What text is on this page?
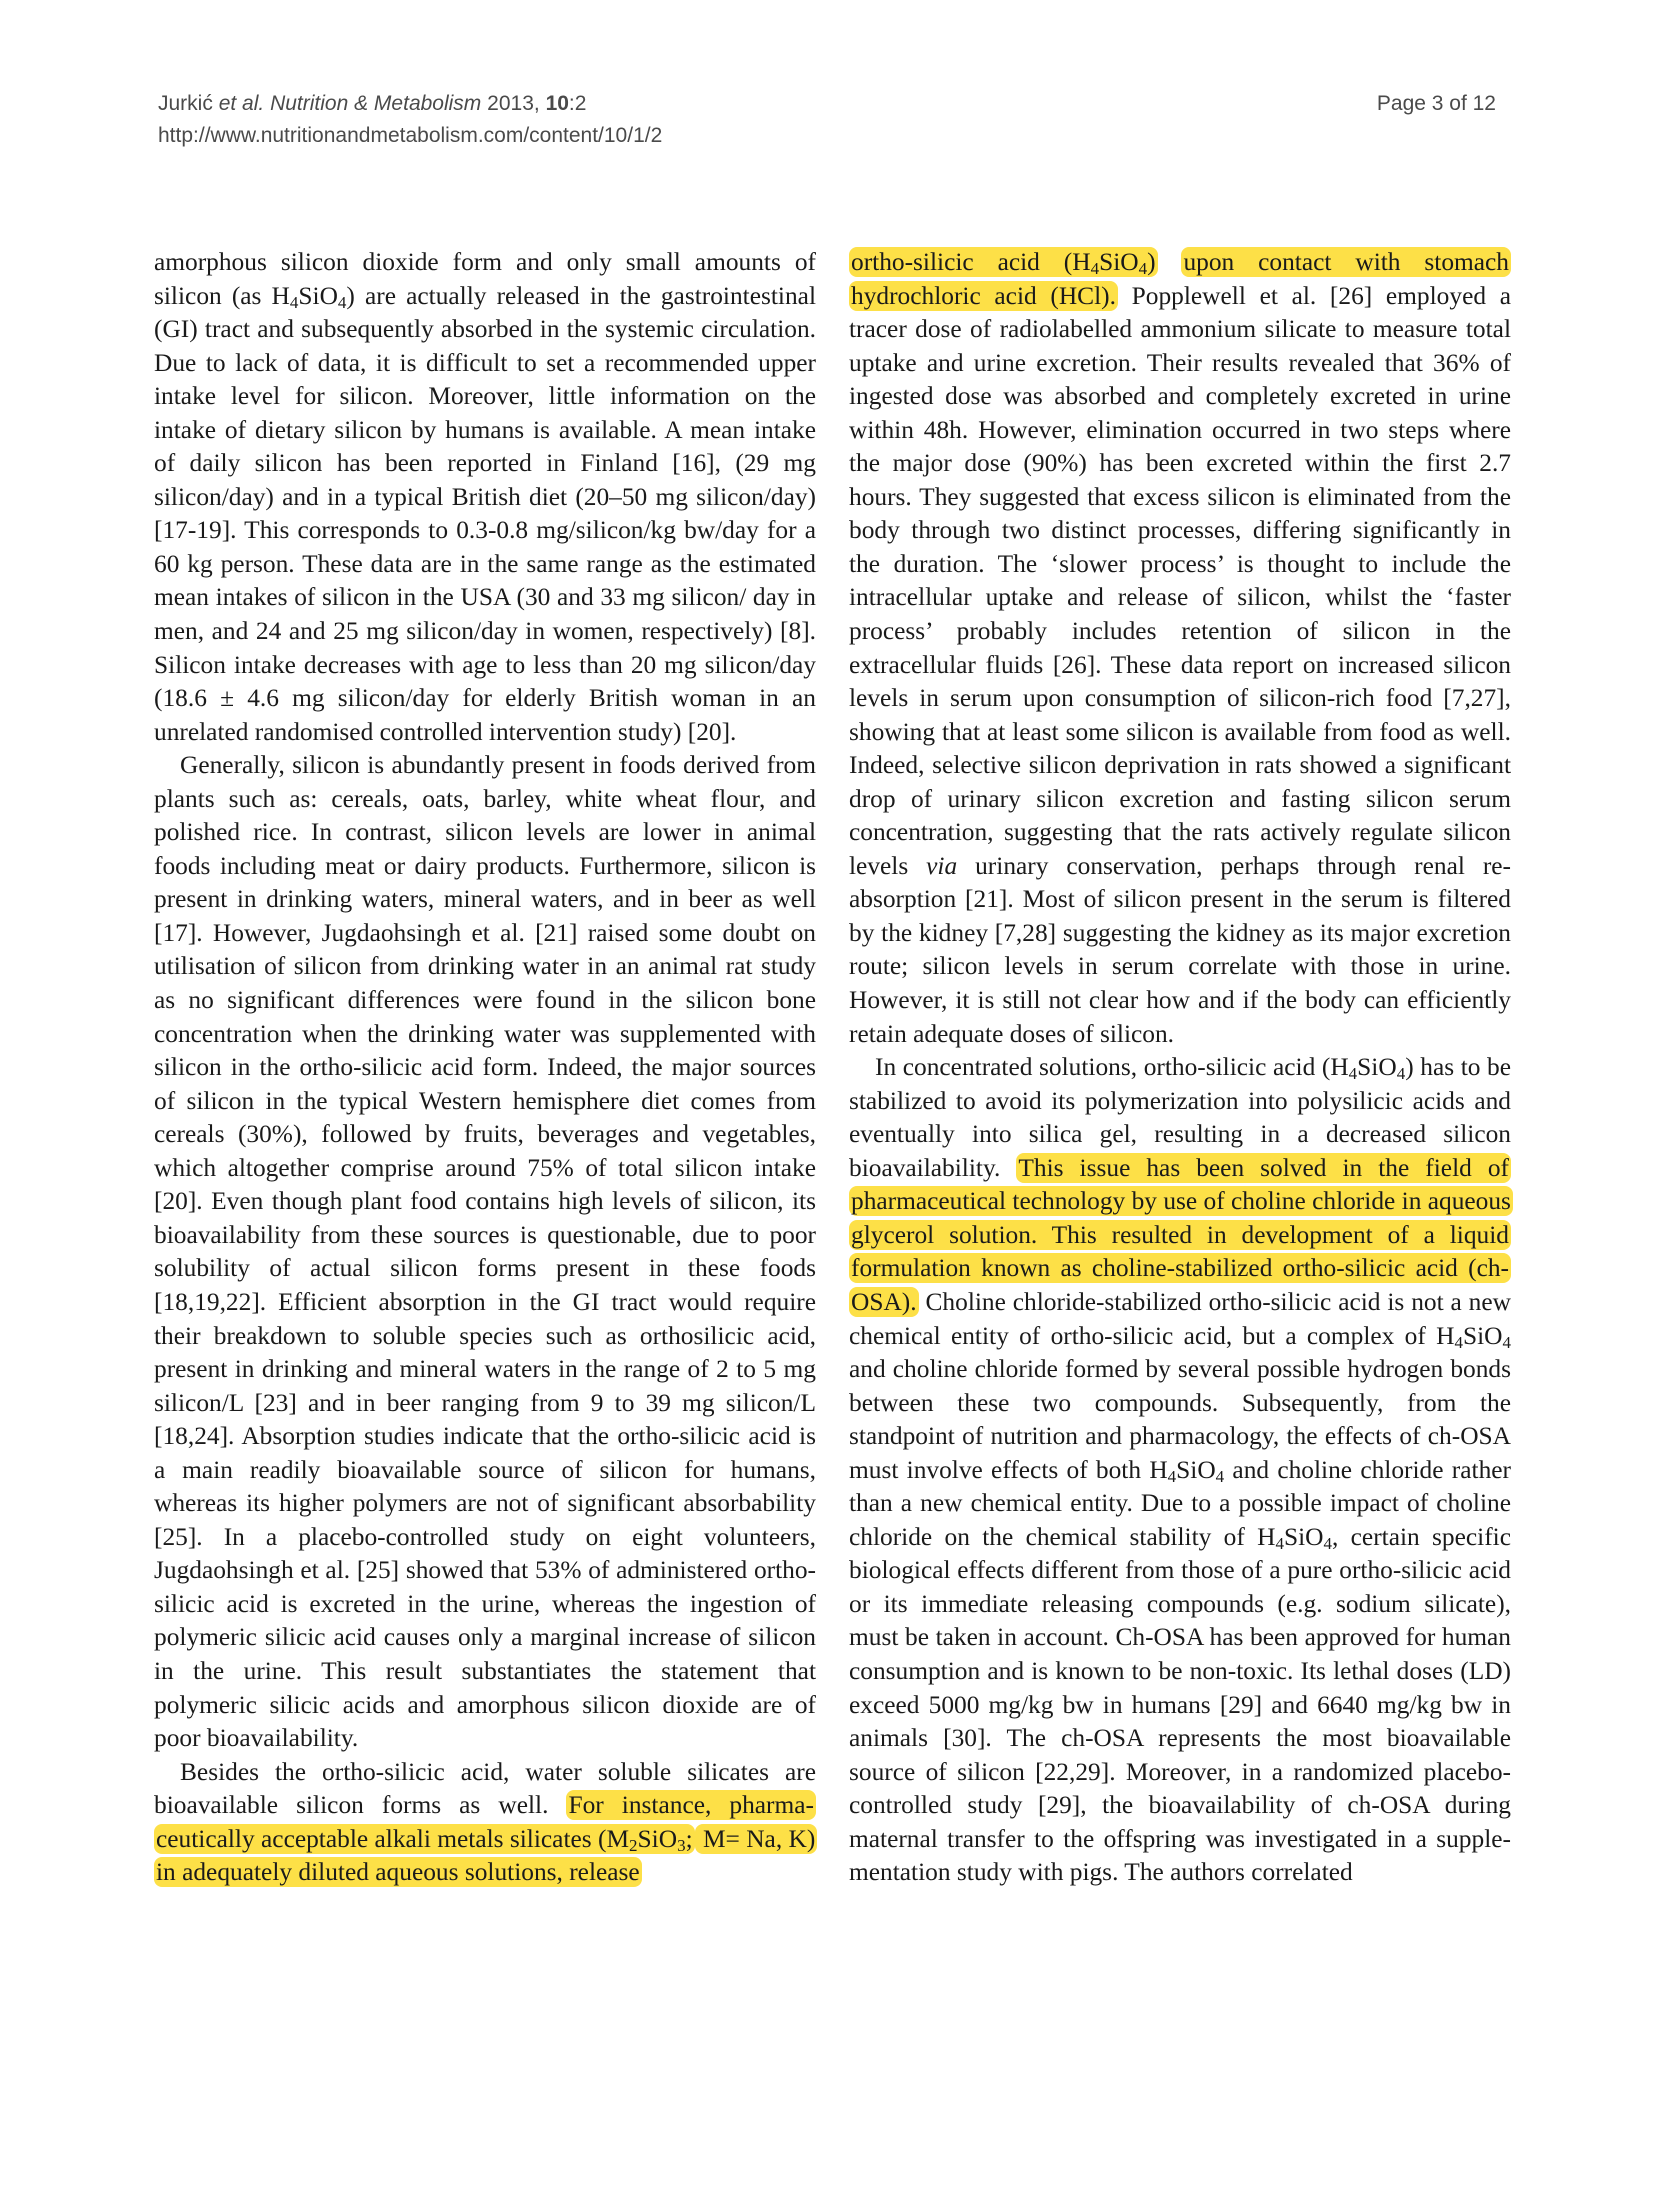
Jurkić et al. Nutrition & Metabolism 2013, 10:2
http://www.nutritionandmetabolism.com/content/10/1/2
Page 3 of 12

amorphous silicon dioxide form and only small amounts of silicon (as $H_4SiO_4$) are actually released in the gastrointestinal (GI) tract and subsequently absorbed in the systemic circulation. Due to lack of data, it is difficult to set a recommended upper intake level for silicon. Moreover, little information on the intake of dietary silicon by humans is available. A mean intake of daily silicon has been reported in Finland [16], (29 mg silicon/day) and in a typical British diet (20–50 mg silicon/day) [17-19]. This corresponds to 0.3-0.8 mg/silicon/kg bw/day for a 60 kg person. These data are in the same range as the estimated mean intakes of silicon in the USA (30 and 33 mg silicon/ day in men, and 24 and 25 mg silicon/day in women, respectively) [8]. Silicon intake decreases with age to less than 20 mg silicon/day (18.6 ± 4.6 mg silicon/day for elderly British woman in an unrelated randomised controlled intervention study) [20].

Generally, silicon is abundantly present in foods derived from plants such as: cereals, oats, barley, white wheat flour, and polished rice. In contrast, silicon levels are lower in animal foods including meat or dairy products. Furthermore, silicon is present in drinking waters, mineral waters, and in beer as well [17]. However, Jugdaohsingh et al. [21] raised some doubt on utilisation of silicon from drinking water in an animal rat study as no significant differences were found in the silicon bone concentration when the drinking water was supplemented with silicon in the ortho-silicic acid form. Indeed, the major sources of silicon in the typical Western hemisphere diet comes from cereals (30%), followed by fruits, beverages and vegetables, which altogether comprise around 75% of total silicon intake [20]. Even though plant food contains high levels of silicon, its bioavailability from these sources is questionable, due to poor solubility of actual silicon forms present in these foods [18,19,22]. Efficient absorption in the GI tract would require their breakdown to soluble species such as orthosilicic acid, present in drinking and mineral waters in the range of 2 to 5 mg silicon/L [23] and in beer ranging from 9 to 39 mg silicon/L [18,24]. Absorption studies indicate that the ortho-silicic acid is a main readily bioavailable source of silicon for humans, whereas its higher polymers are not of significant absorbability [25]. In a placebo-controlled study on eight volunteers, Jugdaohsingh et al. [25] showed that 53% of administered ortho-silicic acid is excreted in the urine, whereas the ingestion of polymeric silicic acid causes only a marginal increase of silicon in the urine. This result substantiates the statement that polymeric silicic acids and amorphous silicon dioxide are of poor bioavailability.

Besides the ortho-silicic acid, water soluble silicates are bioavailable silicon forms as well. For instance, pharmaceutically acceptable alkali metals silicates ($M_2SiO_3$; M= Na, K) in adequately diluted aqueous solutions, release

ortho-silicic acid $(H_4SiO_4)$ upon contact with stomach hydrochloric acid (HCl). Popplewell et al. [26] employed a tracer dose of radiolabelled ammonium silicate to measure total uptake and urine excretion. Their results revealed that 36% of ingested dose was absorbed and completely excreted in urine within 48h. However, elimination occurred in two steps where the major dose (90%) has been excreted within the first 2.7 hours. They suggested that excess silicon is eliminated from the body through two distinct processes, differing significantly in the duration. The ‘slower process’ is thought to include the intracellular uptake and release of silicon, whilst the ‘faster process’ probably includes retention of silicon in the extracellular fluids [26]. These data report on increased silicon levels in serum upon consumption of silicon-rich food [7,27], showing that at least some silicon is available from food as well. Indeed, selective silicon deprivation in rats showed a significant drop of urinary silicon excretion and fasting silicon serum concentration, suggesting that the rats actively regulate silicon levels via urinary conservation, perhaps through renal re-absorption [21]. Most of silicon present in the serum is filtered by the kidney [7,28] suggesting the kidney as its major excretion route; silicon levels in serum correlate with those in urine. However, it is still not clear how and if the body can efficiently retain adequate doses of silicon.

In concentrated solutions, ortho-silicic acid $(H_4SiO_4)$ has to be stabilized to avoid its polymerization into polysilicic acids and eventually into silica gel, resulting in a decreased silicon bioavailability. This issue has been solved in the field of pharmaceutical technology by use of choline chloride in aqueous glycerol solution. This resulted in development of a liquid formulation known as choline-stabilized ortho-silicic acid (ch-OSA). Choline chloride-stabilized ortho-silicic acid is not a new chemical entity of ortho-silicic acid, but a complex of $H_4SiO_4$ and choline chloride formed by several possible hydrogen bonds between these two compounds. Subsequently, from the standpoint of nutrition and pharmacology, the effects of ch-OSA must involve effects of both $H_4SiO_4$ and choline chloride rather than a new chemical entity. Due to a possible impact of choline chloride on the chemical stability of $H_4SiO_4$, certain specific biological effects different from those of a pure ortho-silicic acid or its immediate releasing compounds (e.g. sodium silicate), must be taken in account. Ch-OSA has been approved for human consumption and is known to be non-toxic. Its lethal doses (LD) exceed 5000 mg/kg bw in humans [29] and 6640 mg/kg bw in animals [30]. The ch-OSA represents the most bioavailable source of silicon [22,29]. Moreover, in a randomized placebo-controlled study [29], the bioavailability of ch-OSA during maternal transfer to the offspring was investigated in a supplementation study with pigs. The authors correlated
